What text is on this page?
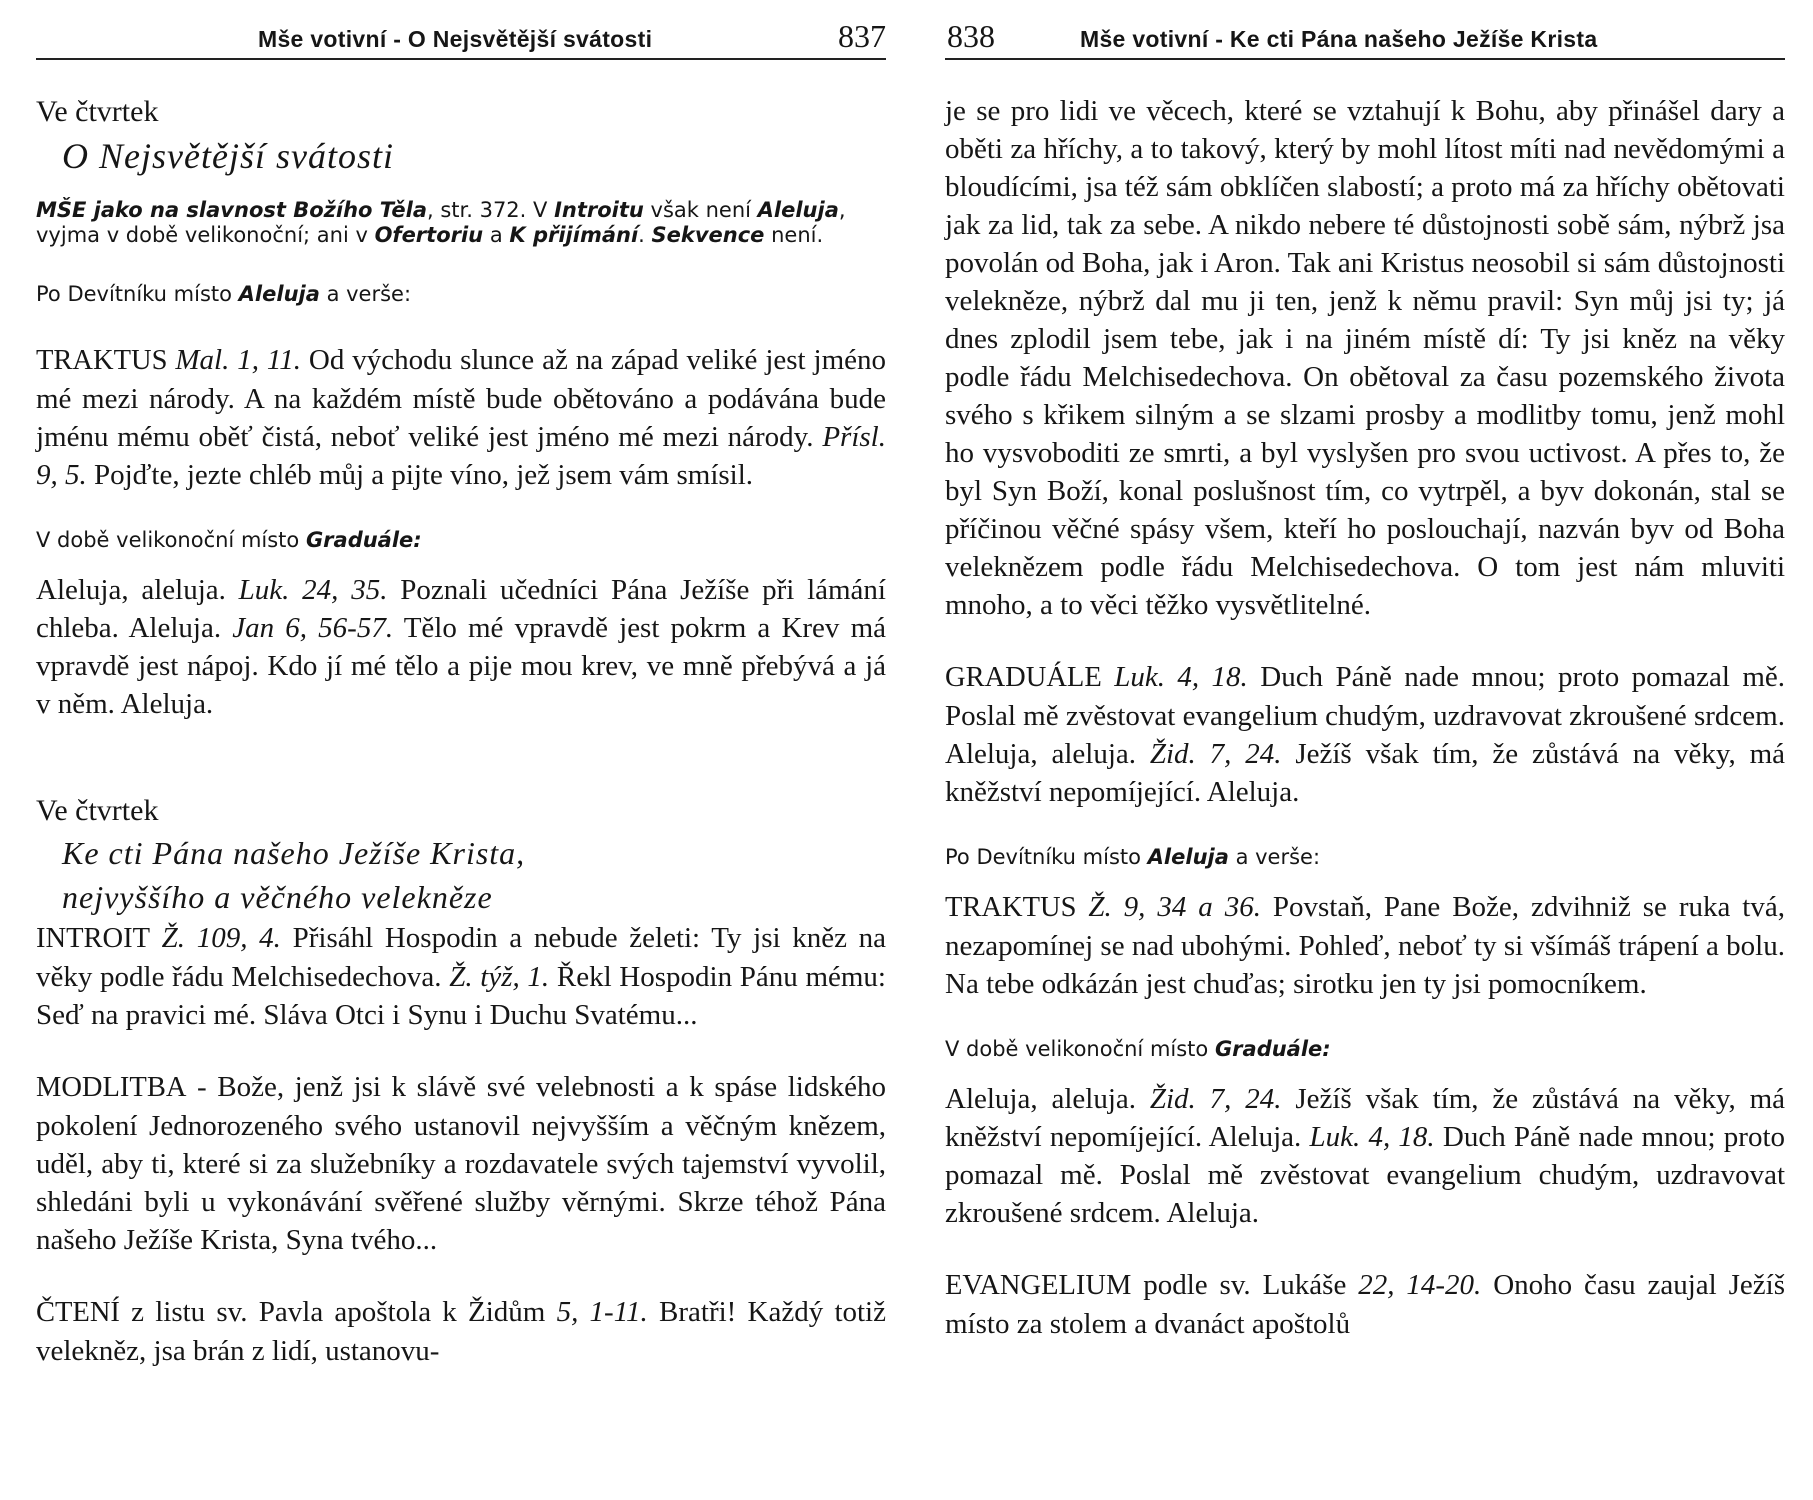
Mše votivní - O Nejsvětější svátosti	837

Ve čtvrtek

O Nejsvětější svátosti

MŠE jako na slavnost Božího Těla, str. 372. V Introitu však není Aleluja, vyjma v době velikonoční; ani v Ofertoriu a K přijímání. Sekvence není.

Po Devítníku místo Aleluja a verše:

TRAKTUS Mal. 1, 11. Od východu slunce až na západ veliké jest jméno mé mezi národy. A na každém místě bude obětováno a podávána bude jménu mému oběť čistá, neboť veliké jest jméno mé mezi národy. Přísl. 9, 5. Pojďte, jezte chléb můj a pijte víno, jež jsem vám smísil.

V době velikonoční místo Graduále:

Aleluja, aleluja. Luk. 24, 35. Poznali učedníci Pána Ježíše při lámání chleba. Aleluja. Jan 6, 56-57. Tělo mé vpravdě jest pokrm a Krev má vpravdě jest nápoj. Kdo jí mé tělo a pije mou krev, ve mně přebývá a já v něm. Aleluja.

Ve čtvrtek

Ke cti Pána našeho Ježíše Krista,

nejvyššího a věčného velekněze

INTROIT Ž. 109, 4. Přisáhl Hospodin a nebude želeti: Ty jsi kněz na věky podle řádu Melchisedechova. Ž. týž, 1. Řekl Hospodin Pánu mému: Seď na pravici mé. Sláva Otci i Synu i Duchu Svatému...

MODLITBA - Bože, jenž jsi k slávě své velebnosti a k spáse lidského pokolení Jednorozeného svého ustanovil nejvyšším a věčným knězem, uděl, aby ti, které si za služebníky a rozdavatele svých tajemství vyvolil, shledáni byli u vykonávání svěřené služby věrnými. Skrze téhož Pána našeho Ježíše Krista, Syna tvého...

ČTENÍ z listu sv. Pavla apoštola k Židům 5, 1-11. Bratři! Každý totiž velekněz, jsa brán z lidí, ustanovu-

838	Mše votivní - Ke cti Pána našeho Ježíše Krista

je se pro lidi ve věcech, které se vztahují k Bohu, aby přinášel dary a oběti za hříchy, a to takový, který by mohl lítost míti nad nevědomými a bloudícími, jsa též sám obklíčen slabostí; a proto má za hříchy obětovati jak za lid, tak za sebe. A nikdo nebere té důstojnosti sobě sám, nýbrž jsa povolán od Boha, jak i Aron. Tak ani Kristus neosobil si sám důstojnosti velekněze, nýbrž dal mu ji ten, jenž k němu pravil: Syn můj jsi ty; já dnes zplodil jsem tebe, jak i na jiném místě dí: Ty jsi kněz na věky podle řádu Melchisedechova. On obětoval za času pozemského života svého s křikem silným a se slzami prosby a modlitby tomu, jenž mohl ho vysvoboditi ze smrti, a byl vyslyšen pro svou uctivost. A přes to, že byl Syn Boží, konal poslušnost tím, co vytrpěl, a byv dokonán, stal se příčinou věčné spásy všem, kteří ho poslouchají, nazván byv od Boha veleknězem podle řádu Melchisedechova. O tom jest nám mluviti mnoho, a to věci těžko vysvětlitelné.

GRADUÁLE Luk. 4, 18. Duch Páně nade mnou; proto pomazal mě. Poslal mě zvěstovat evangelium chudým, uzdravovat zkroušené srdcem. Aleluja, aleluja. Žid. 7, 24. Ježíš však tím, že zůstává na věky, má kněžství nepomíjející. Aleluja.

Po Devítníku místo Aleluja a verše:

TRAKTUS Ž. 9, 34 a 36. Povstaň, Pane Bože, zdvihniž se ruka tvá, nezapomínej se nad ubohými. Pohleď, neboť ty si všímáš trápení a bolu. Na tebe odkázán jest chuďas; sirotku jen ty jsi pomocníkem.

V době velikonoční místo Graduále:

Aleluja, aleluja. Žid. 7, 24. Ježíš však tím, že zůstává na věky, má kněžství nepomíjející. Aleluja. Luk. 4, 18. Duch Páně nade mnou; proto pomazal mě. Poslal mě zvěstovat evangelium chudým, uzdravovat zkroušené srdcem. Aleluja.

EVANGELIUM podle sv. Lukáše 22, 14-20. Onoho času zaujal Ježíš místo za stolem a dvanáct apoštolů
